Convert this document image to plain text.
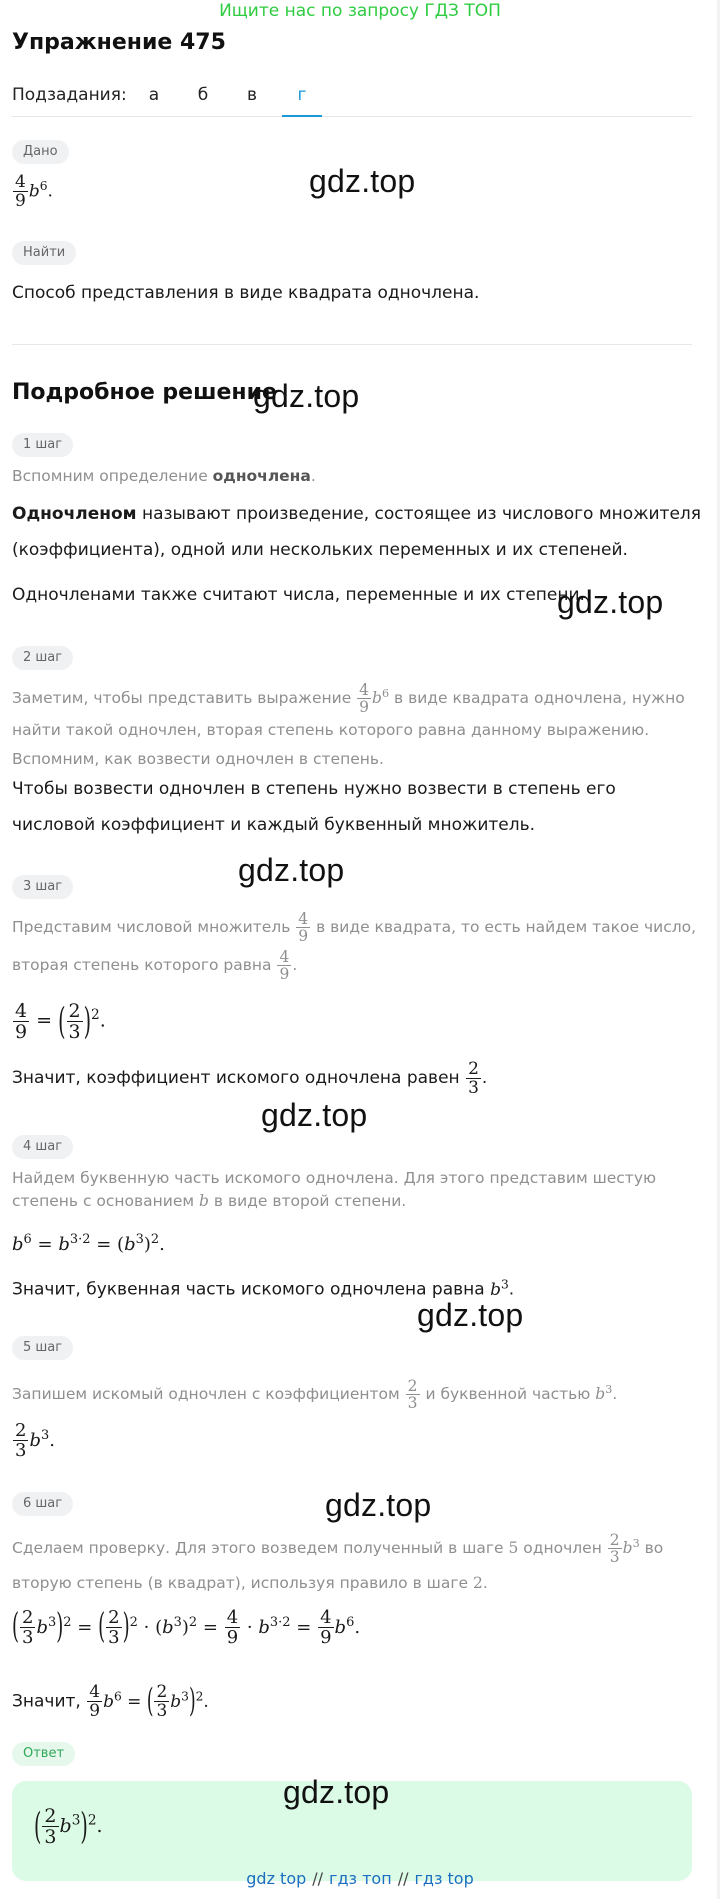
Ищите нас по запросу ГДЗ ТОП
Упражнение 475
Подзадания:	а	б	в	г
Дано
$\frac{4}{9} b^6$.	gdz.top
Найти
Способ представления в виде квадрата одночлена.
Подробное решение
gdz.top
1 шаг
Вспомним определение одночлена.
Одночленом называют произведение, состоящее из числового множителя (коэффициента), одной или нескольких переменных и их степеней.
Одночленами также считают числа, переменные и их степени.
gdz.top
2 шаг
Заметим, чтобы представить выражение $\frac{4}{9} b^6$ в виде квадрата одночлена, нужно найти такой одночлен, вторая степень которого равна данному выражению. Вспомним, как возвести одночлен в степень.
Чтобы возвести одночлен в степень нужно возвести в степень его числовой коэффициент и каждый буквенный множитель.
gdz.top
3 шаг
Представим числовой множитель $\frac{4}{9}$ в виде квадрата, то есть найдем такое число, вторая степень которого равна $\frac{4}{9}$ .
$\frac{4}{9}$ = ( $\frac{2}{3} )^2$.
Значит, коэффициент искомого одночлена равен $\frac{2}{3}$ .
gdz.top
4 шаг
Найдем буквенную часть искомого одночлена. Для этого представим шестую степень с основанием b в виде второй степени.
$b^6 = b^{3\cdot 2} = (b^3)^2$.
Значит, буквенная часть искомого одночлена равна $b^3$.
gdz.top
5 шаг
Запишем искомый одночлен с коэффициентом $\frac{2}{3}$ и буквенной частью $b^3$.
$\frac{2}{3} b^3$.
gdz.top
6 шаг
Сделаем проверку. Для этого возведем полученный в шаге 5 одночлен $\frac{2}{3} b^3$ во вторую степень (в квадрат), используя правило в шаге 2.
( $\frac{2}{3} b^3)^2$ = ( $\frac{2}{3} )^2 \cdot (b^3)^2 = \frac{4}{9} \cdot b^{3\cdot 2} = \frac{4}{9} b^6$.
Значит, $\frac{4}{9} b^6$ = ( $\frac{2}{3} b^3)^2$.
Ответ
( $\frac{2}{3} b^3)^2$.
gdz.top
gdz top // гдз топ // гдз top
